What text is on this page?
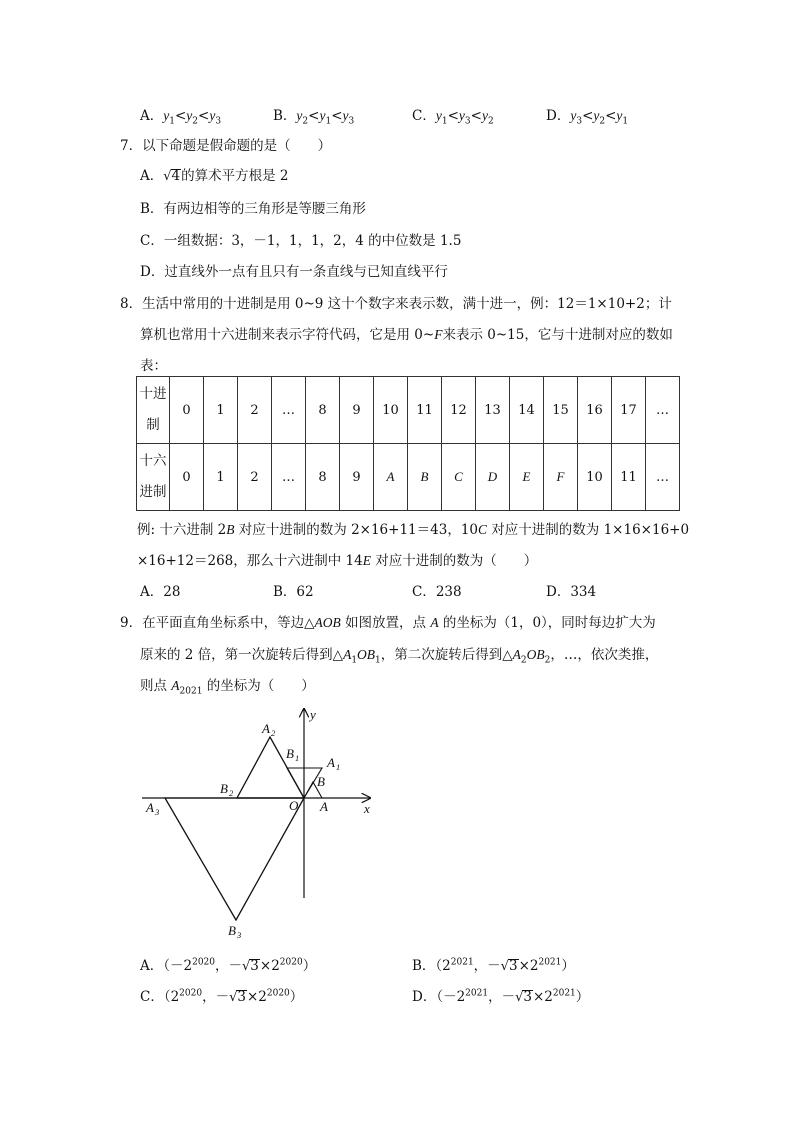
A．$y_1<y_2<y_3$	B．$y_2<y_1<y_3$	C．$y_1<y_3<y_2$	D．$y_3<y_2<y_1$
7．以下命题是假命题的是（　　）
A．√4的算术平方根是 2
B．有两边相等的三角形是等腰三角形
C．一组数据：3，－1，1，1，2，4 的中位数是 1.5
D．过直线外一点有且只有一条直线与已知直线平行
8．生活中常用的十进制是用 0~9 这十个数字来表示数，满十进一，例：12＝1×10+2；计
算机也常用十六进制来表示字符代码，它是用 0~F来表示 0~15，它与十进制对应的数如
表：
十进
制	0	1	2	…	8	9	10	11	12	13	14	15	16	17	…
十六
进制	0	1	2	…	8	9	A	B	C	D	E	F	10	11	…
例: 十六进制 2B 对应十进制的数为 2×16+11＝43，10C 对应十进制的数为 1×16×16+0
×16+12＝268，那么十六进制中 14E 对应十进制的数为（　　）
A．28	B．62	C．238	D．334
9．在平面直角坐标系中，等边△AOB 如图放置，点 A 的坐标为（1，0），同时每边扩大为
原来的 2 倍，第一次旋转后得到$\triangle A_1OB_1$，第二次旋转后得到$\triangle A_2OB_2$，…，依次类推，
则点 $A_{2021}$ 的坐标为（　　）
y
x
O A
B
A 1
B 1
A 2
B 2
A 3
B 3
A．（$-2^{2020}$，$-√3\times 2^{2020}$）	B．（$2^{2021}$，$-√3\times 2^{2021}$）
C．（$2^{2020}$，$-√3\times 2^{2020}$）	D．（$-2^{2021}$，$-√3\times 2^{2021}$）
